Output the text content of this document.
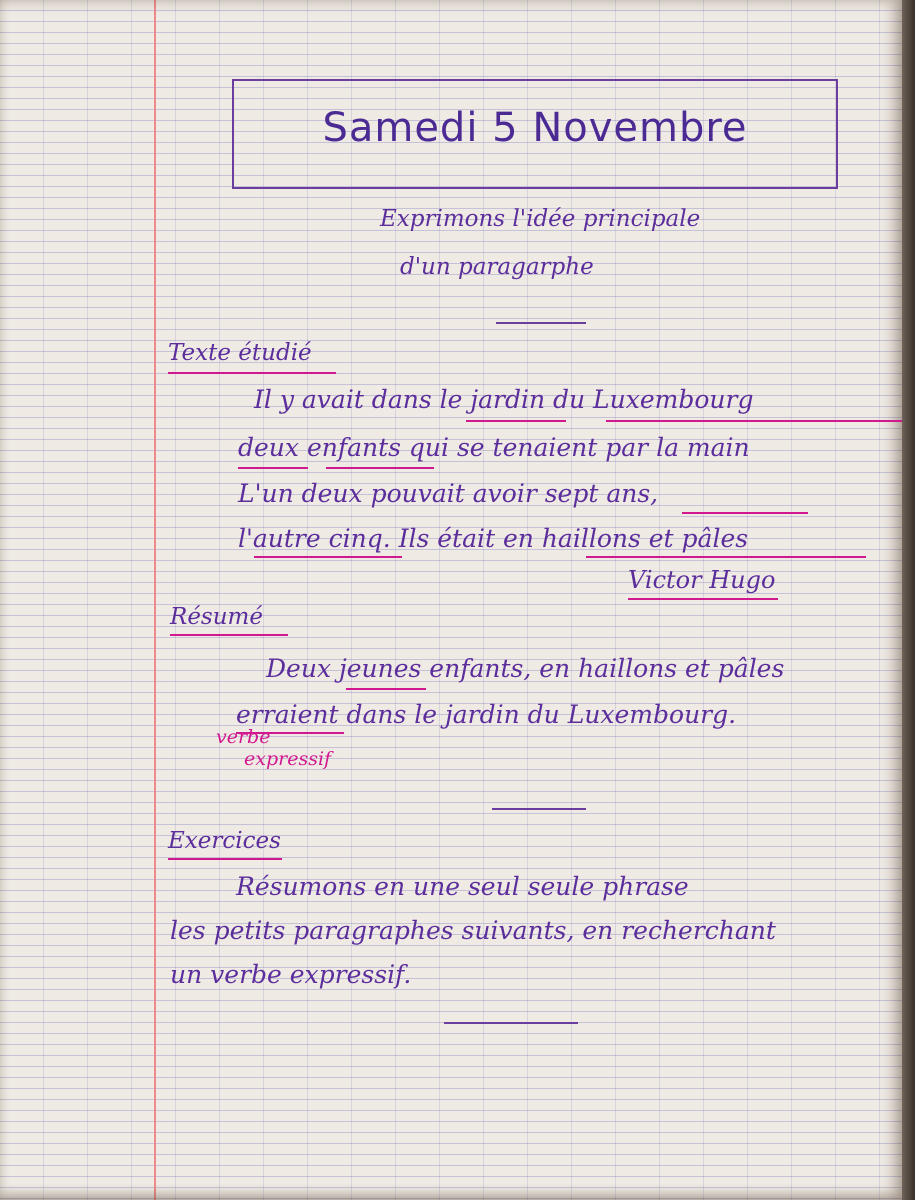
Samedi 5 Novembre
Exprimons l'idée principale
d'un paragarphe
Texte étudié
Il y avait dans le jardin du Luxembourg
deux enfants qui se tenaient par la main
L'un deux pouvait avoir sept ans,
l'autre cinq. Ils était en haillons et pâles
Victor Hugo
Résumé
Deux jeunes enfants, en haillons et pâles
erraient dans le jardin du Luxembourg.
verbe
expressif
Exercices
Résumons en une seul seule phrase
les petits paragraphes suivants, en recherchant
un verbe expressif.
